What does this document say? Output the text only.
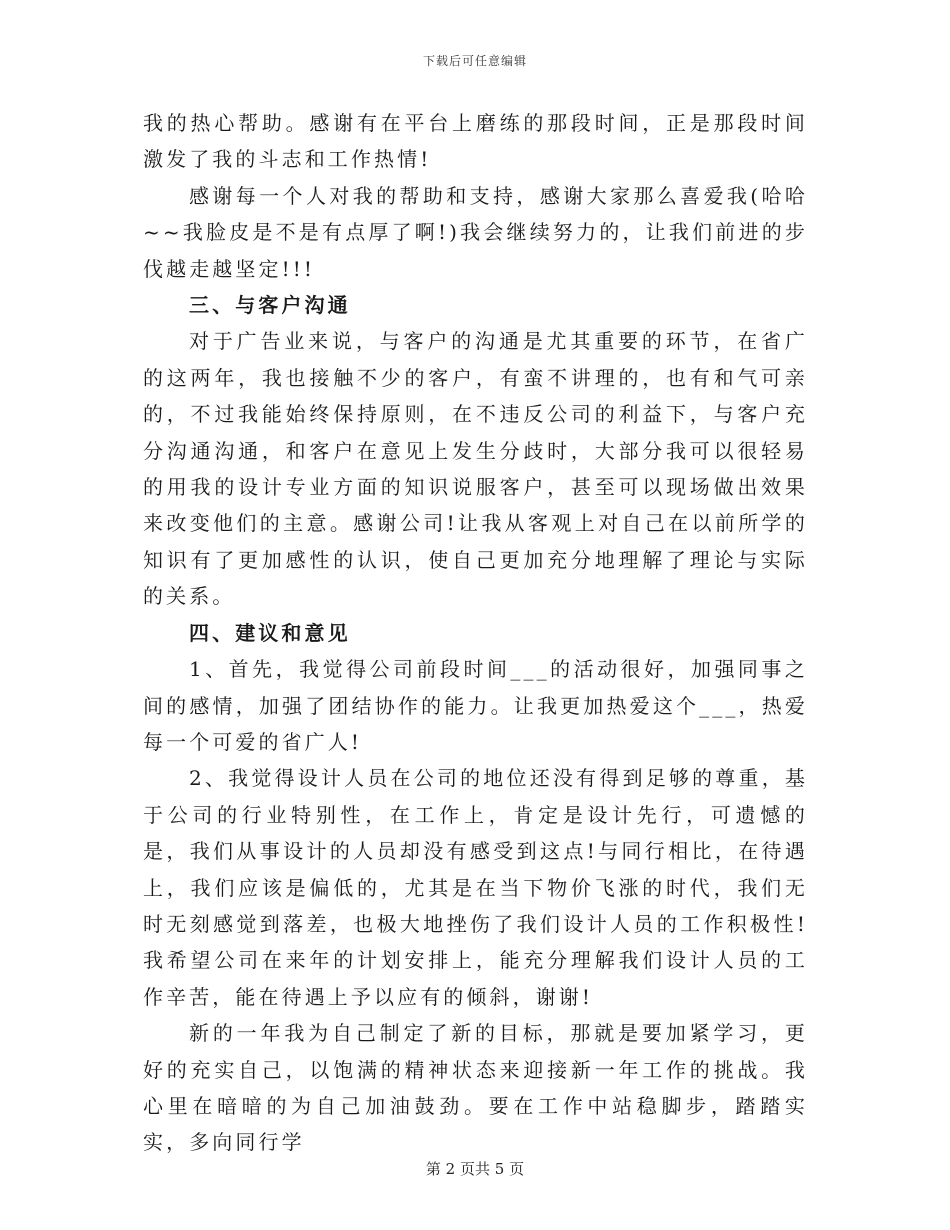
下载后可任意编辑

我的热心帮助。感谢有在平台上磨练的那段时间，正是那段时间激发了我的斗志和工作热情!

感谢每一个人对我的帮助和支持，感谢大家那么喜爱我(哈哈~~我脸皮是不是有点厚了啊!)我会继续努力的，让我们前进的步伐越走越坚定!!!

三、与客户沟通

对于广告业来说，与客户的沟通是尤其重要的环节，在省广的这两年，我也接触不少的客户，有蛮不讲理的，也有和气可亲的，不过我能始终保持原则，在不违反公司的利益下，与客户充分沟通沟通，和客户在意见上发生分歧时，大部分我可以很轻易的用我的设计专业方面的知识说服客户，甚至可以现场做出效果来改变他们的主意。感谢公司!让我从客观上对自己在以前所学的知识有了更加感性的认识，使自己更加充分地理解了理论与实际的关系。

四、建议和意见

1、首先，我觉得公司前段时间___的活动很好，加强同事之间的感情，加强了团结协作的能力。让我更加热爱这个___，热爱每一个可爱的省广人!

2、我觉得设计人员在公司的地位还没有得到足够的尊重，基于公司的行业特别性，在工作上，肯定是设计先行，可遗憾的是，我们从事设计的人员却没有感受到这点!与同行相比，在待遇上，我们应该是偏低的，尤其是在当下物价飞涨的时代，我们无时无刻感觉到落差，也极大地挫伤了我们设计人员的工作积极性!我希望公司在来年的计划安排上，能充分理解我们设计人员的工作辛苦，能在待遇上予以应有的倾斜，谢谢!

新的一年我为自己制定了新的目标，那就是要加紧学习，更好的充实自己，以饱满的精神状态来迎接新一年工作的挑战。我心里在暗暗的为自己加油鼓劲。要在工作中站稳脚步，踏踏实实，多向同行学

第 2 页共 5 页
